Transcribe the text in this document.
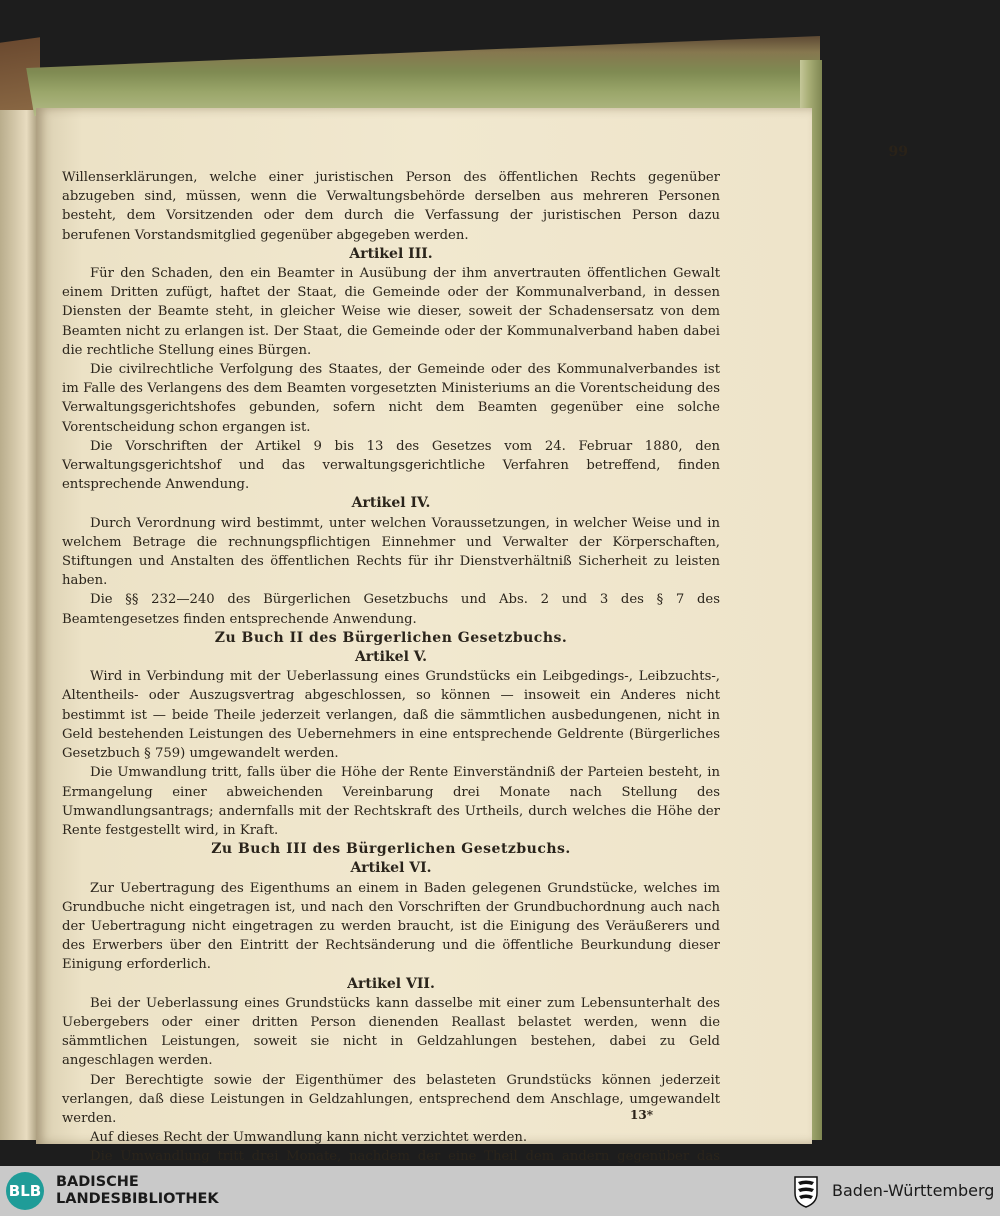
99

Willenserklärungen, welche einer juristischen Person des öffentlichen Rechts gegenüber abzugeben sind, müssen, wenn die Verwaltungsbehörde derselben aus mehreren Personen besteht, dem Vorsitzenden oder dem durch die Verfassung der juristischen Person dazu berufenen Vorstandsmitglied gegenüber abgegeben werden.

Artikel III.

Für den Schaden, den ein Beamter in Ausübung der ihm anvertrauten öffentlichen Gewalt einem Dritten zufügt, haftet der Staat, die Gemeinde oder der Kommunalverband, in dessen Diensten der Beamte steht, in gleicher Weise wie dieser, soweit der Schadensersatz von dem Beamten nicht zu erlangen ist. Der Staat, die Gemeinde oder der Kommunalverband haben dabei die rechtliche Stellung eines Bürgen.

Die civilrechtliche Verfolgung des Staates, der Gemeinde oder des Kommunalverbandes ist im Falle des Verlangens des dem Beamten vorgesetzten Ministeriums an die Vorentscheidung des Verwaltungsgerichtshofes gebunden, sofern nicht dem Beamten gegenüber eine solche Vorentscheidung schon ergangen ist.

Die Vorschriften der Artikel 9 bis 13 des Gesetzes vom 24. Februar 1880, den Verwaltungsgerichtshof und das verwaltungsgerichtliche Verfahren betreffend, finden entsprechende Anwendung.

Artikel IV.

Durch Verordnung wird bestimmt, unter welchen Voraussetzungen, in welcher Weise und in welchem Betrage die rechnungspflichtigen Einnehmer und Verwalter der Körperschaften, Stiftungen und Anstalten des öffentlichen Rechts für ihr Dienstverhältniß Sicherheit zu leisten haben.

Die §§ 232—240 des Bürgerlichen Gesetzbuchs und Abs. 2 und 3 des § 7 des Beamtengesetzes finden entsprechende Anwendung.

Zu Buch II des Bürgerlichen Gesetzbuchs.

Artikel V.

Wird in Verbindung mit der Ueberlassung eines Grundstücks ein Leibgedings-, Leibzuchts-, Altentheils- oder Auszugsvertrag abgeschlossen, so können — insoweit ein Anderes nicht bestimmt ist — beide Theile jederzeit verlangen, daß die sämmtlichen ausbedungenen, nicht in Geld bestehenden Leistungen des Uebernehmers in eine entsprechende Geldrente (Bürgerliches Gesetzbuch § 759) umgewandelt werden.

Die Umwandlung tritt, falls über die Höhe der Rente Einverständniß der Parteien besteht, in Ermangelung einer abweichenden Vereinbarung drei Monate nach Stellung des Umwandlungsantrags; andernfalls mit der Rechtskraft des Urtheils, durch welches die Höhe der Rente festgestellt wird, in Kraft.

Zu Buch III des Bürgerlichen Gesetzbuchs.

Artikel VI.

Zur Uebertragung des Eigenthums an einem in Baden gelegenen Grundstücke, welches im Grundbuche nicht eingetragen ist, und nach den Vorschriften der Grundbuchordnung auch nach der Uebertragung nicht eingetragen zu werden braucht, ist die Einigung des Veräußerers und des Erwerbers über den Eintritt der Rechtsänderung und die öffentliche Beurkundung dieser Einigung erforderlich.

Artikel VII.

Bei der Ueberlassung eines Grundstücks kann dasselbe mit einer zum Lebensunterhalt des Uebergebers oder einer dritten Person dienenden Reallast belastet werden, wenn die sämmtlichen Leistungen, soweit sie nicht in Geldzahlungen bestehen, dabei zu Geld angeschlagen werden.

Der Berechtigte sowie der Eigenthümer des belasteten Grundstücks können jederzeit verlangen, daß diese Leistungen in Geldzahlungen, entsprechend dem Anschlage, umgewandelt werden.

Auf dieses Recht der Umwandlung kann nicht verzichtet werden.

Die Umwandlung tritt drei Monate, nachdem der eine Theil dem andern gegenüber das

13*
BLB BADISCHE
LANDESBIBLIOTHEK	Baden-Württemberg
